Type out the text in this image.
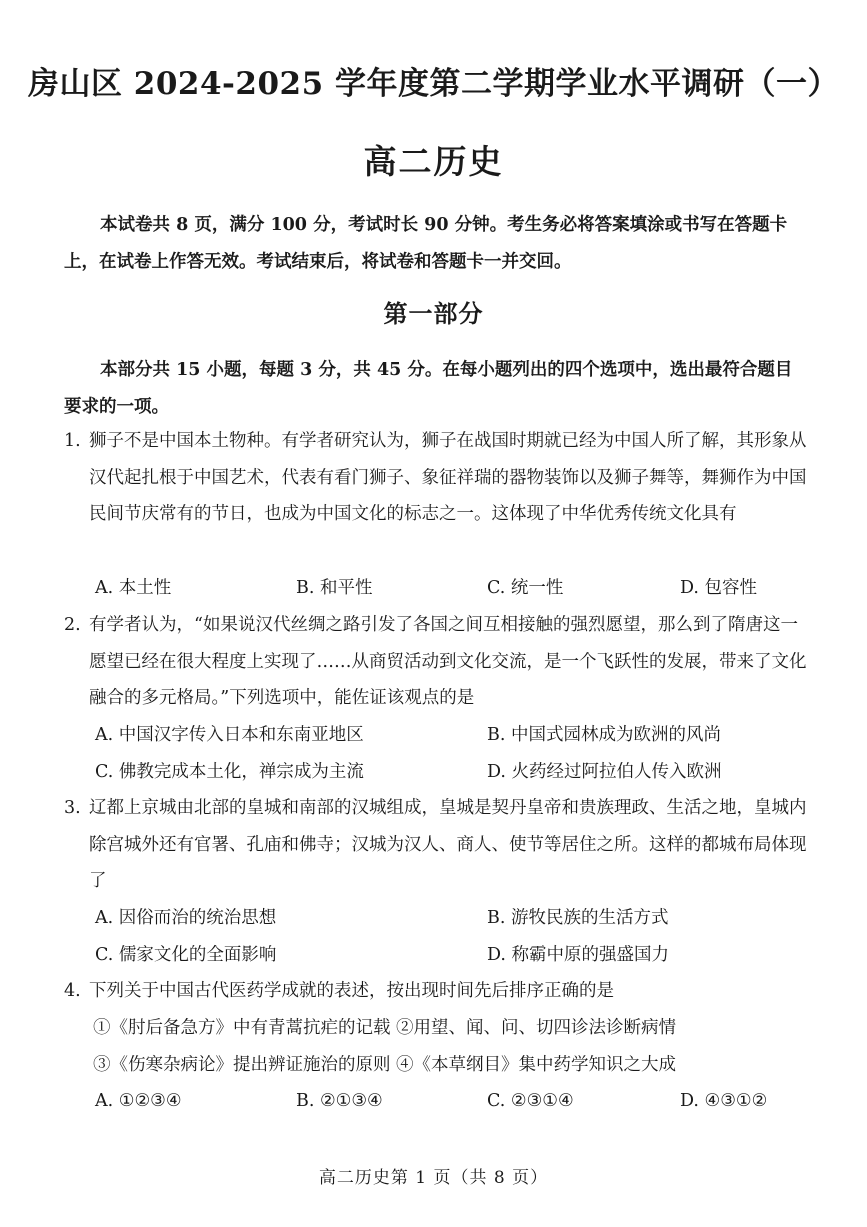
房山区 2024-2025 学年度第二学期学业水平调研（一）
高二历史
本试卷共 8 页，满分 100 分，考试时长 90 分钟。考生务必将答案填涂或书写在答题卡上，在试卷上作答无效。考试结束后，将试卷和答题卡一并交回。
第一部分
本部分共 15 小题，每题 3 分，共 45 分。在每小题列出的四个选项中，选出最符合题目要求的一项。
1. 狮子不是中国本土物种。有学者研究认为，狮子在战国时期就已经为中国人所了解，其形象从汉代起扎根于中国艺术，代表有看门狮子、象征祥瑞的器物装饰以及狮子舞等，舞狮作为中国民间节庆常有的节日，也成为中国文化的标志之一。这体现了中华优秀传统文化具有
A. 本土性	B. 和平性	C. 统一性	D. 包容性
2. 有学者认为，“如果说汉代丝绸之路引发了各国之间互相接触的强烈愿望，那么到了隋唐这一愿望已经在很大程度上实现了……从商贸活动到文化交流，是一个飞跃性的发展，带来了文化融合的多元格局。”下列选项中，能佐证该观点的是
A. 中国汉字传入日本和东南亚地区	B. 中国式园林成为欧洲的风尚
C. 佛教完成本土化，禅宗成为主流	D. 火药经过阿拉伯人传入欧洲
3. 辽都上京城由北部的皇城和南部的汉城组成，皇城是契丹皇帝和贵族理政、生活之地，皇城内除宫城外还有官署、孔庙和佛寺；汉城为汉人、商人、使节等居住之所。这样的都城布局体现了
A. 因俗而治的统治思想	B. 游牧民族的生活方式
C. 儒家文化的全面影响	D. 称霸中原的强盛国力
4. 下列关于中国古代医药学成就的表述，按出现时间先后排序正确的是
①《肘后备急方》中有青蒿抗疟的记载 ②用望、闻、问、切四诊法诊断病情
③《伤寒杂病论》提出辨证施治的原则 ④《本草纲目》集中药学知识之大成
A. ①②③④	B. ②①③④	C. ②③①④	D. ④③①②
高二历史第 1 页（共 8 页）
